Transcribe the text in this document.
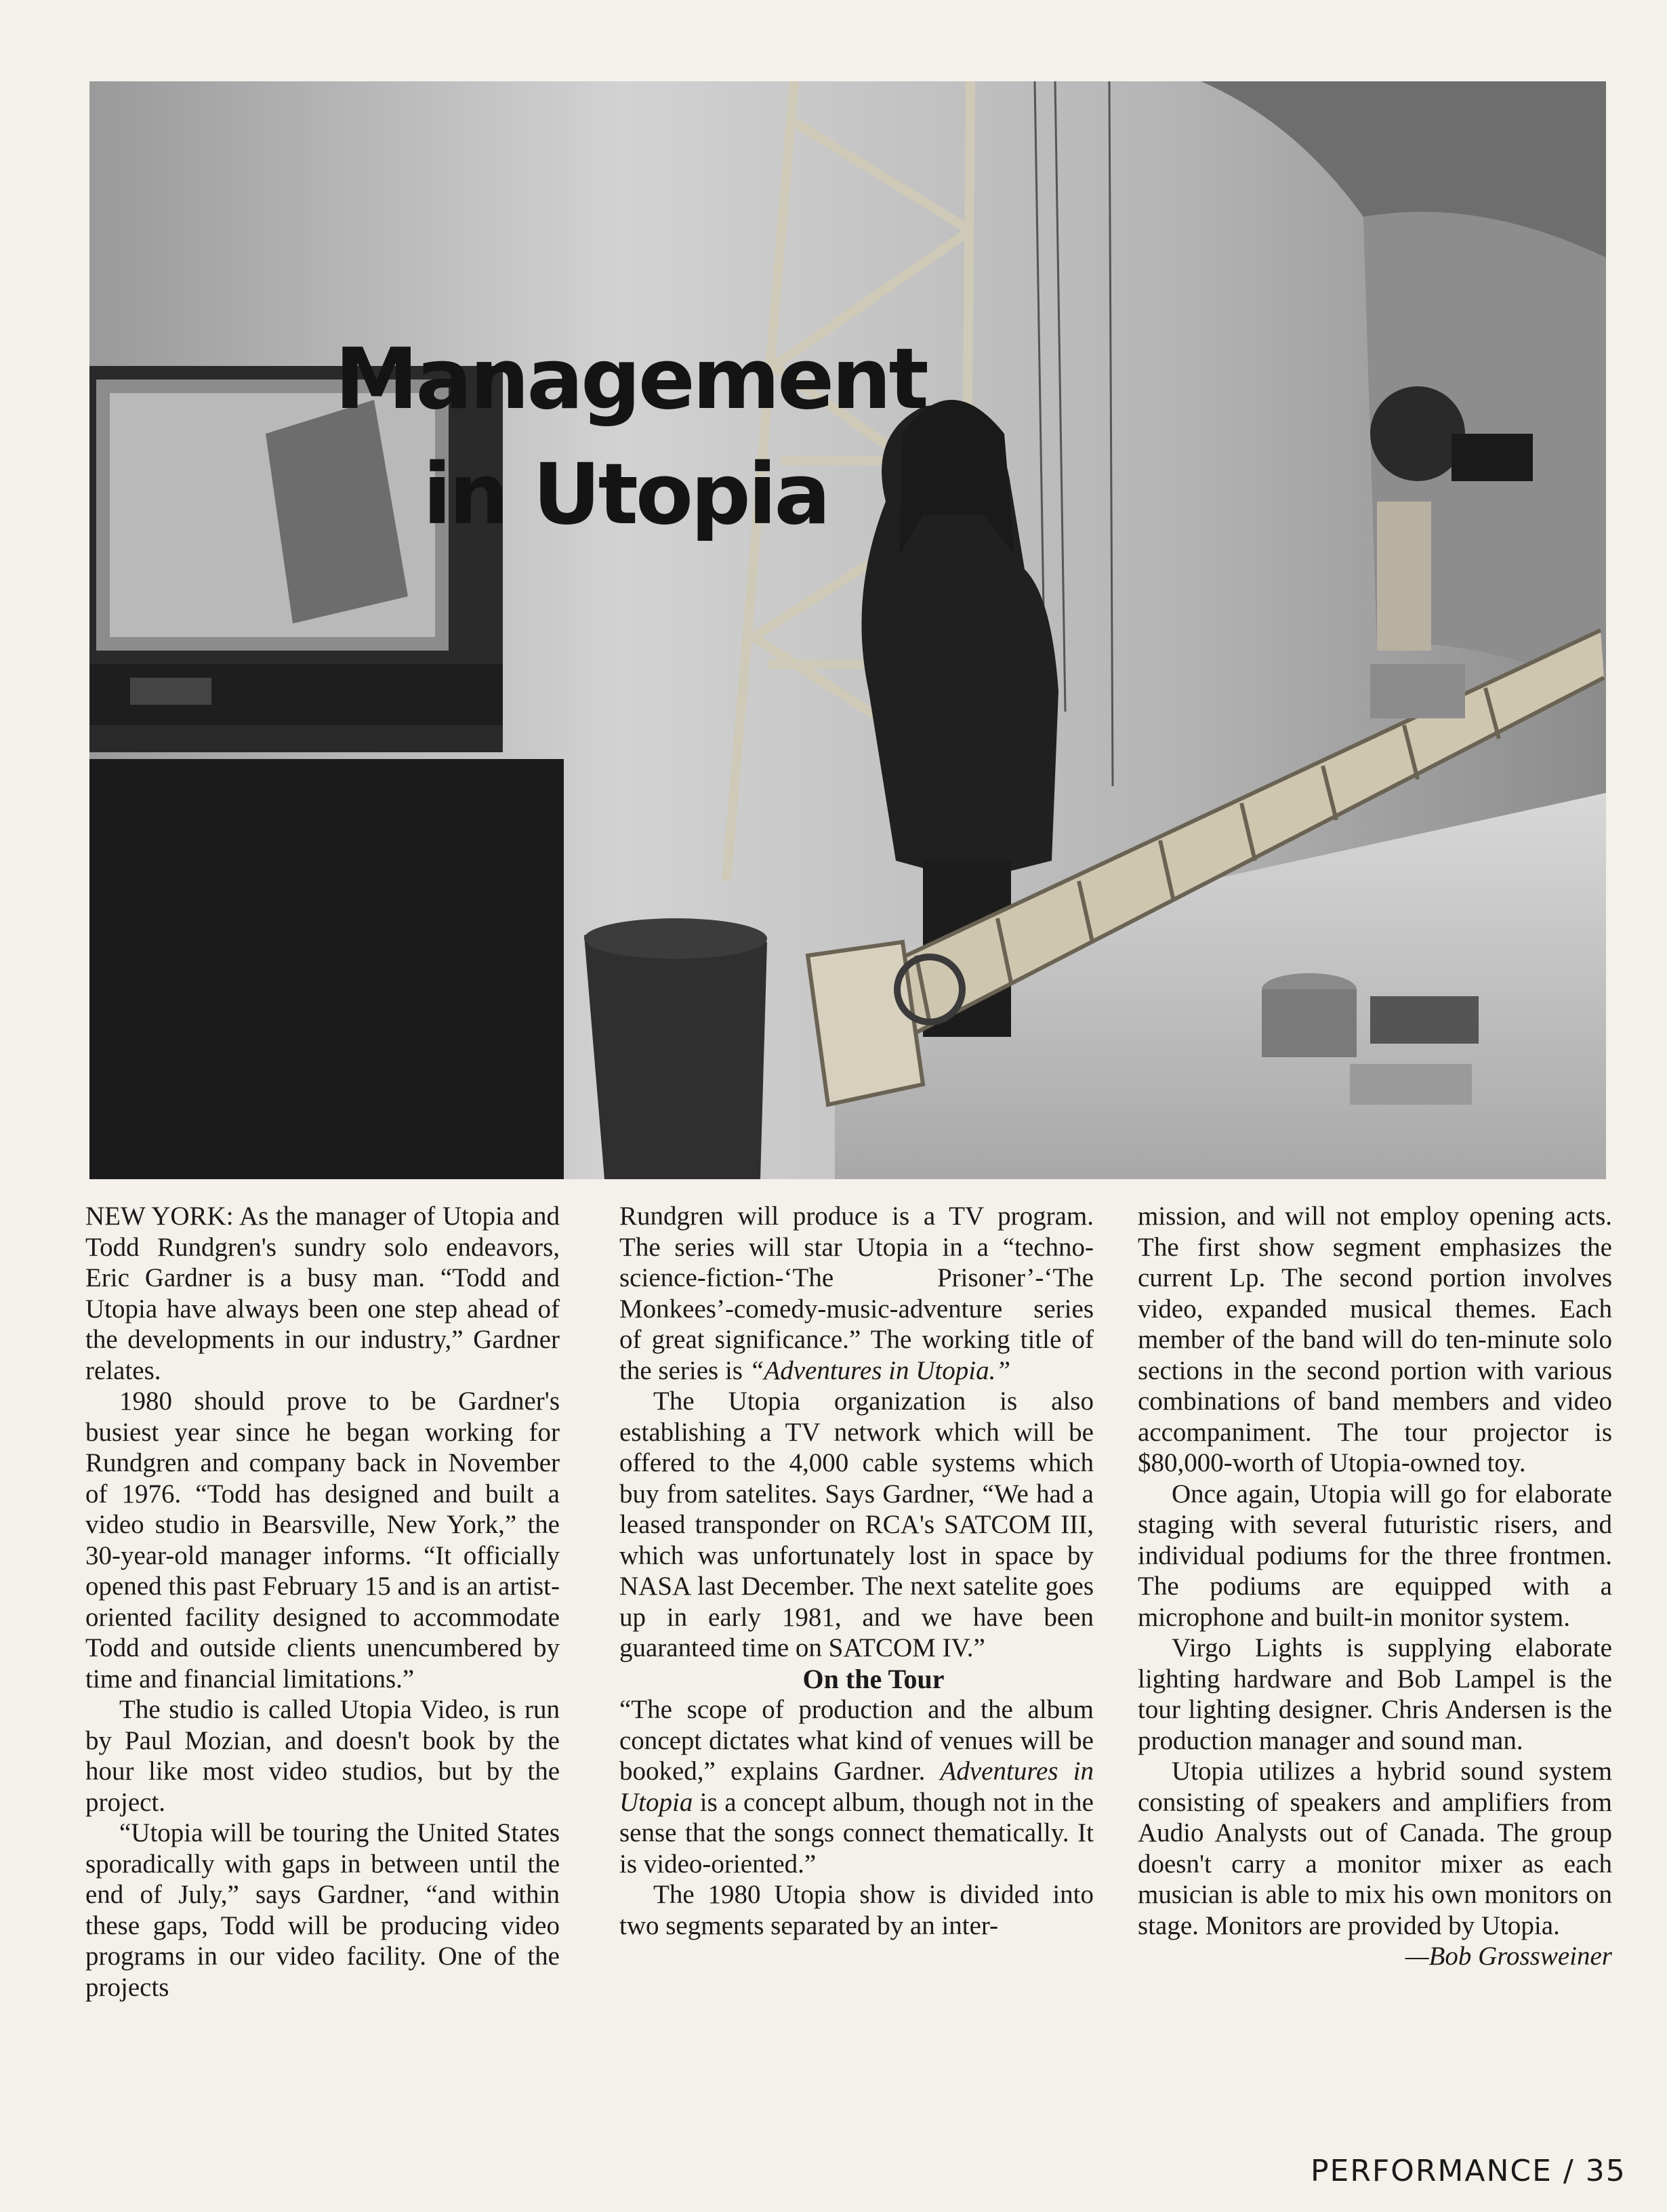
Management
in Utopia

NEW YORK: As the manager of Utopia and Todd Rundgren's sundry solo endeavors, Eric Gardner is a busy man. “Todd and Utopia have always been one step ahead of the developments in our industry,” Gardner relates.

1980 should prove to be Gardner's busiest year since he began working for Rundgren and company back in November of 1976. “Todd has designed and built a video studio in Bearsville, New York,” the 30-year-old manager informs. “It officially opened this past February 15 and is an artist-oriented facility designed to accommodate Todd and outside clients unencumbered by time and financial limitations.”

The studio is called Utopia Video, is run by Paul Mozian, and doesn't book by the hour like most video studios, but by the project.

“Utopia will be touring the United States sporadically with gaps in between until the end of July,” says Gardner, “and within these gaps, Todd will be producing video programs in our video facility. One of the projects

Rundgren will produce is a TV program. The series will star Utopia in a “techno-science-fiction-‘The Prisoner’-‘The Monkees’-comedy-music-adventure series of great significance.” The working title of the series is “Adventures in Utopia.”

The Utopia organization is also establishing a TV network which will be offered to the 4,000 cable systems which buy from satelites. Says Gardner, “We had a leased transponder on RCA's SATCOM III, which was unfortunately lost in space by NASA last December. The next satelite goes up in early 1981, and we have been guaranteed time on SATCOM IV.”

On the Tour

“The scope of production and the album concept dictates what kind of venues will be booked,” explains Gardner. Adventures in Utopia is a concept album, though not in the sense that the songs connect thematically. It is video-oriented.”

The 1980 Utopia show is divided into two segments separated by an inter-

mission, and will not employ opening acts. The first show segment emphasizes the current Lp. The second portion involves video, expanded musical themes. Each member of the band will do ten-minute solo sections in the second portion with various combinations of band members and video accompaniment. The tour projector is $80,000-worth of Utopia-owned toy.

Once again, Utopia will go for elaborate staging with several futuristic risers, and individual podiums for the three frontmen. The podiums are equipped with a microphone and built-in monitor system.

Virgo Lights is supplying elaborate lighting hardware and Bob Lampel is the tour lighting designer. Chris Andersen is the production manager and sound man.

Utopia utilizes a hybrid sound system consisting of speakers and amplifiers from Audio Analysts out of Canada. The group doesn't carry a monitor mixer as each musician is able to mix his own monitors on stage. Monitors are provided by Utopia.

—Bob Grossweiner

PERFORMANCE / 35
